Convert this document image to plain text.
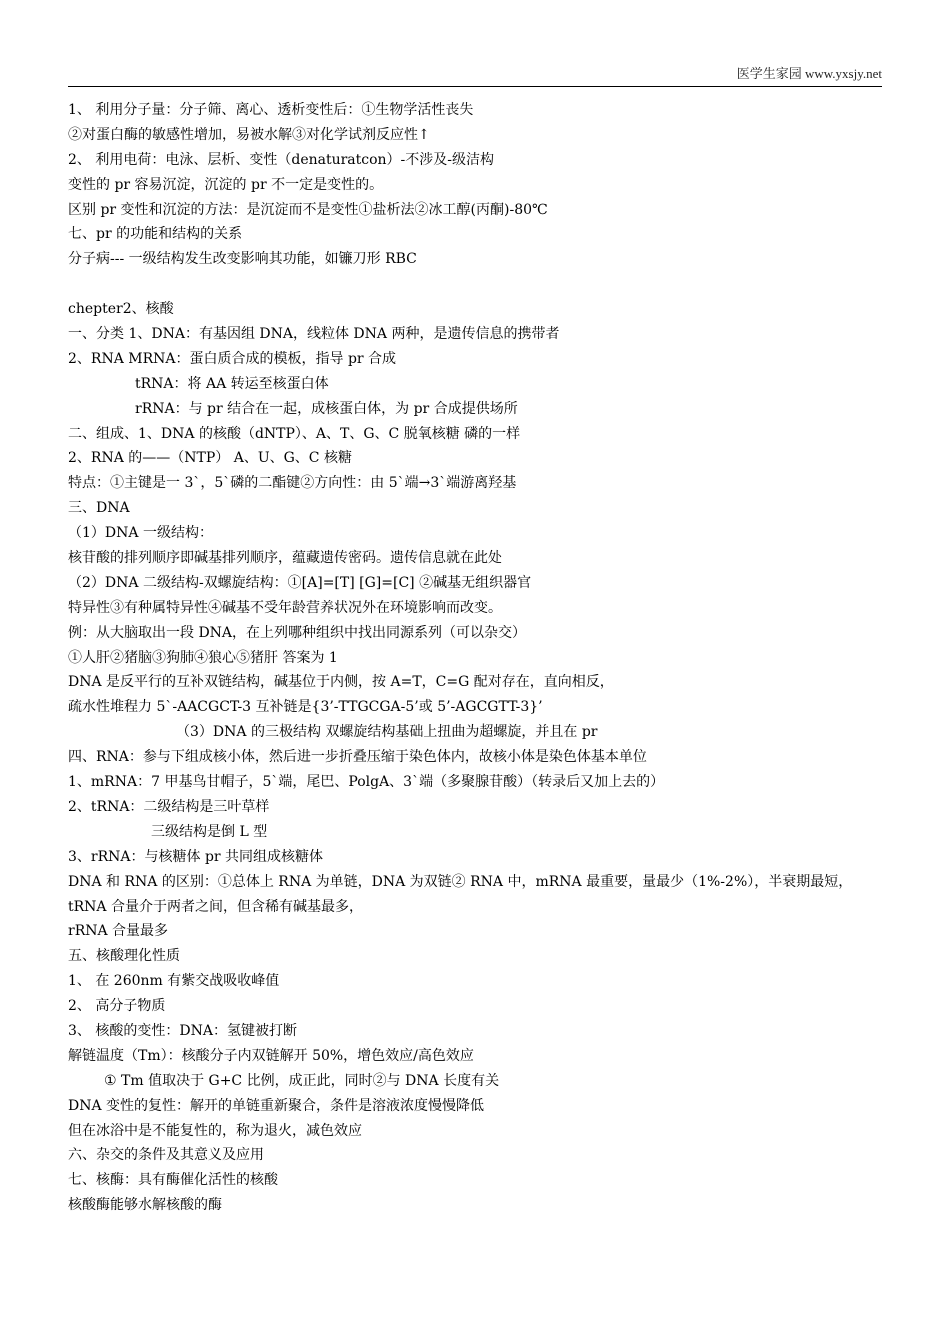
医学生家园 www.yxsjy.net
1、 利用分子量：分子筛、离心、透析变性后：①生物学活性丧失
②对蛋白酶的敏感性增加，易被水解③对化学试剂反应性↑
2、 利用电荷：电泳、层析、变性（denaturatcon）-不涉及-级洁构
变性的 pr 容易沉淀，沉淀的 pr 不一定是变性的。
区别 pr 变性和沉淀的方法：是沉淀而不是变性①盐析法②冰工醇(丙酮)-80℃
七、pr 的功能和结构的关系
分子病--- 一级结构发生改变影响其功能，如镰刀形 RBC
chepter2、核酸
一、分类 1、DNA：有基因组 DNA，线粒体 DNA 两种，是遗传信息的携带者
2、RNA MRNA：蛋白质合成的模板，指导 pr 合成
tRNA：将 AA 转运至核蛋白体
rRNA：与 pr 结合在一起，成核蛋白体，为 pr 合成提供场所
二、组成、1、DNA 的核酸（dNTP）、A、T、G、C 脱氧核糖 磷的一样
2、RNA 的——（NTP） A、U、G、C 核糖
特点：①主键是一 3`，5`磷的二酯键②方向性：由 5`端→3`端游离羟基
三、DNA
（1）DNA 一级结构：
核苷酸的排列顺序即碱基排列顺序，蕴藏遗传密码。遗传信息就在此处
（2）DNA 二级结构-双螺旋结构：①[A]=[T] [G]=[C] ②碱基无组织器官
特异性③有种属特异性④碱基不受年龄营养状况外在环境影响而改变。
例：从大脑取出一段 DNA，在上列哪种组织中找出同源系列（可以杂交）
①人肝②猪脑③狗肺④狼心⑤猪肝 答案为 1
DNA 是反平行的互补双链结构，碱基位于内侧，按 A=T，C=G 配对存在，直向相反，
疏水性堆程力 5`-AACGCT-3 互补链是{3’-TTGCGA-5’或 5’-AGCGTT-3}’
（3）DNA 的三极结构 双螺旋结构基础上扭曲为超螺旋，并且在 pr
四、RNA：参与下组成核小体，然后进一步折叠压缩于染色体内，故核小体是染色体基本单位
1、mRNA：7 甲基鸟甘帽子，5`端，尾巴、PolgA、3`端（多聚腺苷酸）（转录后又加上去的）
2、tRNA：二级结构是三叶草样
三级结构是倒 L 型
3、rRNA：与核糖体 pr 共同组成核糖体
DNA 和 RNA 的区别：①总体上 RNA 为单链，DNA 为双链② RNA 中，mRNA 最重要，量最少（1%-2%），半衰期最短，
tRNA 合量介于两者之间，但含稀有碱基最多，
rRNA 合量最多
五、核酸理化性质
1、 在 260nm 有紫交战吸收峰值
2、 高分子物质
3、 核酸的变性：DNA：氢键被打断
解链温度（Tm）：核酸分子内双链解开 50%，增色效应/高色效应
① Tm 值取决于 G+C 比例，成正此，同时②与 DNA 长度有关
DNA 变性的复性：解开的单链重新聚合，条件是溶液浓度慢慢降低
但在冰浴中是不能复性的，称为退火，减色效应
六、杂交的条件及其意义及应用
七、核酶：具有酶催化活性的核酸
核酸酶能够水解核酸的酶
